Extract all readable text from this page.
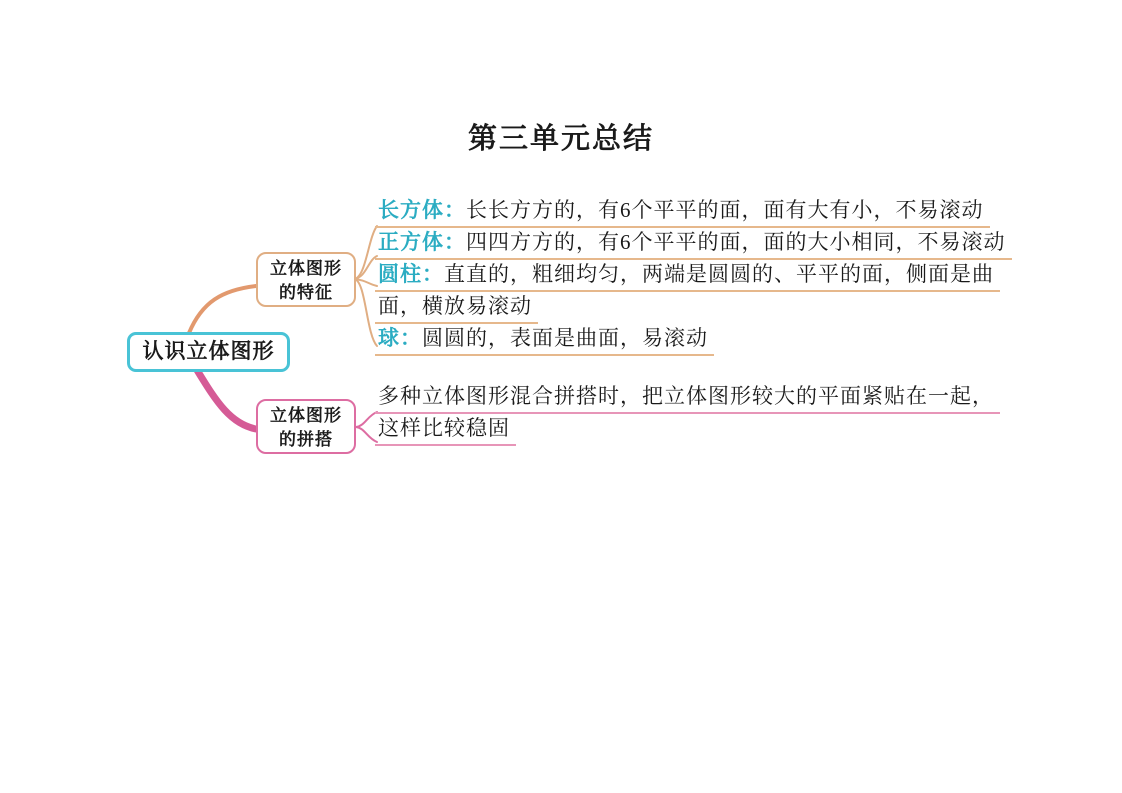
第三单元总结
认识立体图形
立体图形
的特征
立体图形
的拼搭
长方体：长长方方的，有6个平平的面，面有大有小，不易滚动
正方体：四四方方的，有6个平平的面，面的大小相同，不易滚动
圆柱：直直的，粗细均匀，两端是圆圆的、平平的面，侧面是曲
面，横放易滚动
球：圆圆的，表面是曲面，易滚动
多种立体图形混合拼搭时，把立体图形较大的平面紧贴在一起，
这样比较稳固
